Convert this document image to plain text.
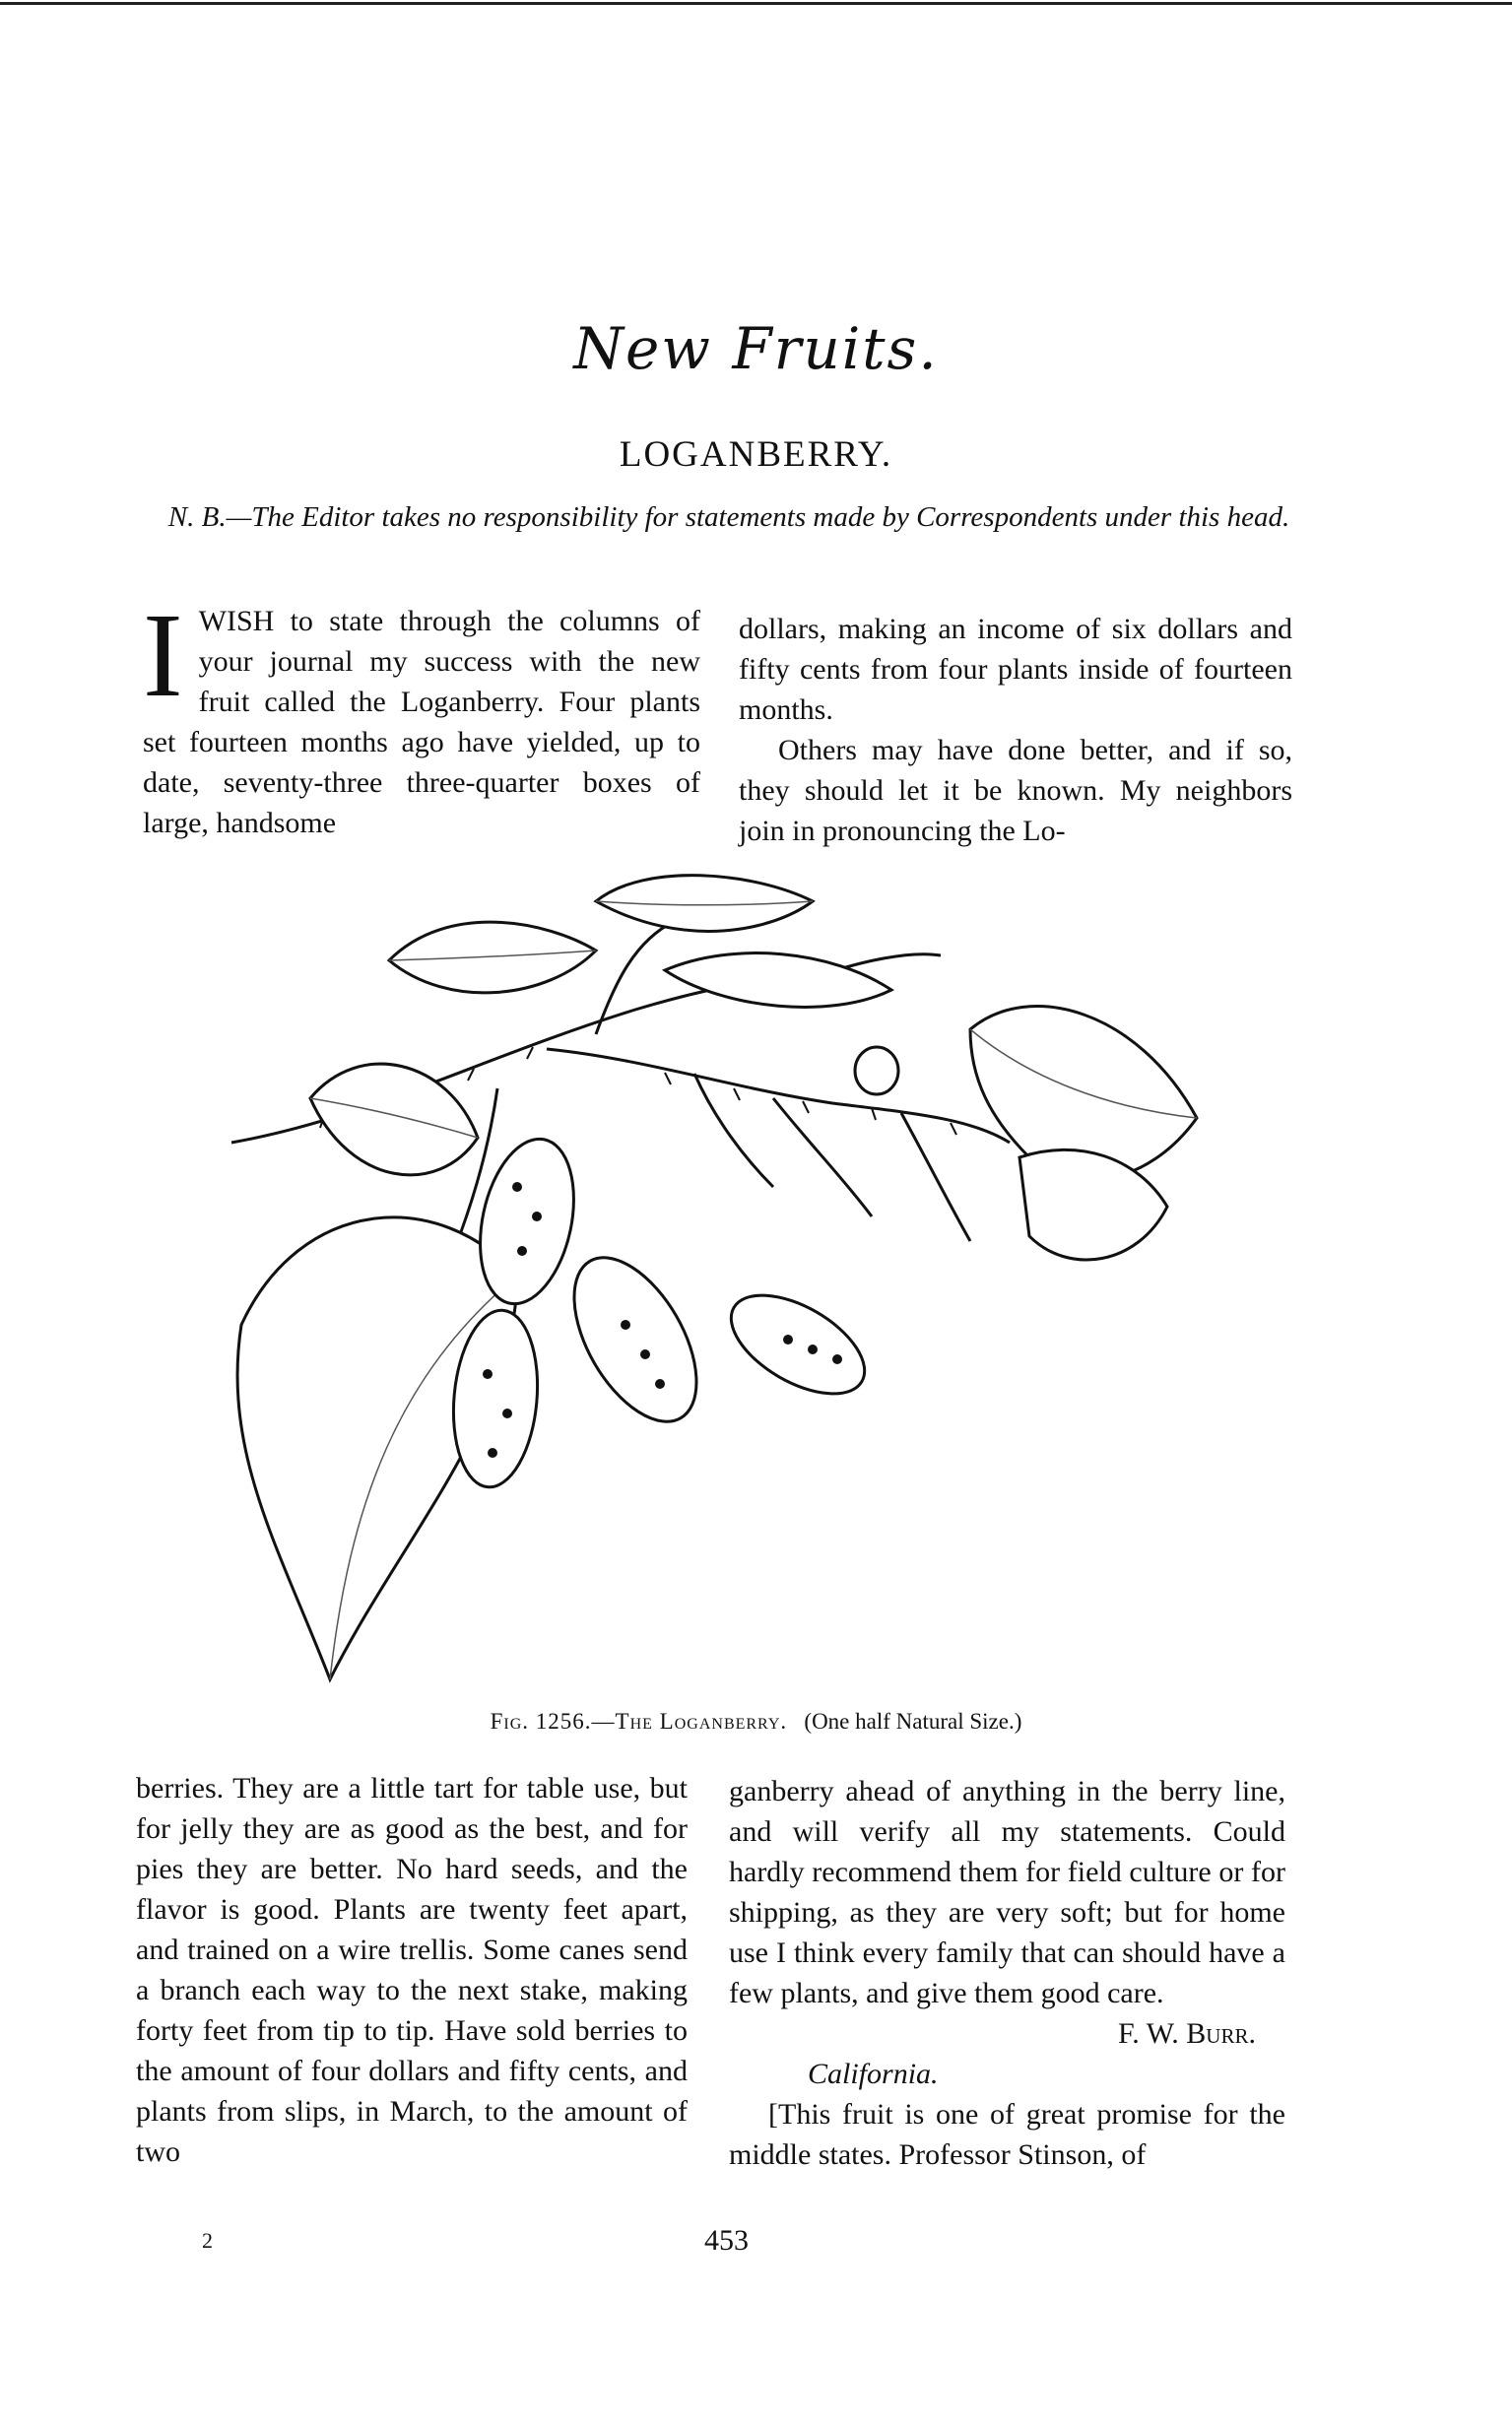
New Fruits.
LOGANBERRY.
N. B.—The Editor takes no responsibility for statements made by Correspondents under this head.

IWISH to state through the columns of your journal my success with the new fruit called the Loganberry. Four plants set fourteen months ago have yielded, up to date, seventy-three three-quarter boxes of large, handsome

dollars, making an income of six dollars and fifty cents from four plants inside of fourteen months.

Others may have done better, and if so, they should let it be known. My neighbors join in pronouncing the Lo-

Fig. 1256.—The Loganberry. (One half Natural Size.)

berries. They are a little tart for table use, but for jelly they are as good as the best, and for pies they are better. No hard seeds, and the flavor is good. Plants are twenty feet apart, and trained on a wire trellis. Some canes send a branch each way to the next stake, making forty feet from tip to tip. Have sold berries to the amount of four dollars and fifty cents, and plants from slips, in March, to the amount of two

ganberry ahead of anything in the berry line, and will verify all my statements. Could hardly recommend them for field culture or for shipping, as they are very soft; but for home use I think every family that can should have a few plants, and give them good care.

F. W. Burr.

California.

[This fruit is one of great promise for the middle states. Professor Stinson, of

2	453
